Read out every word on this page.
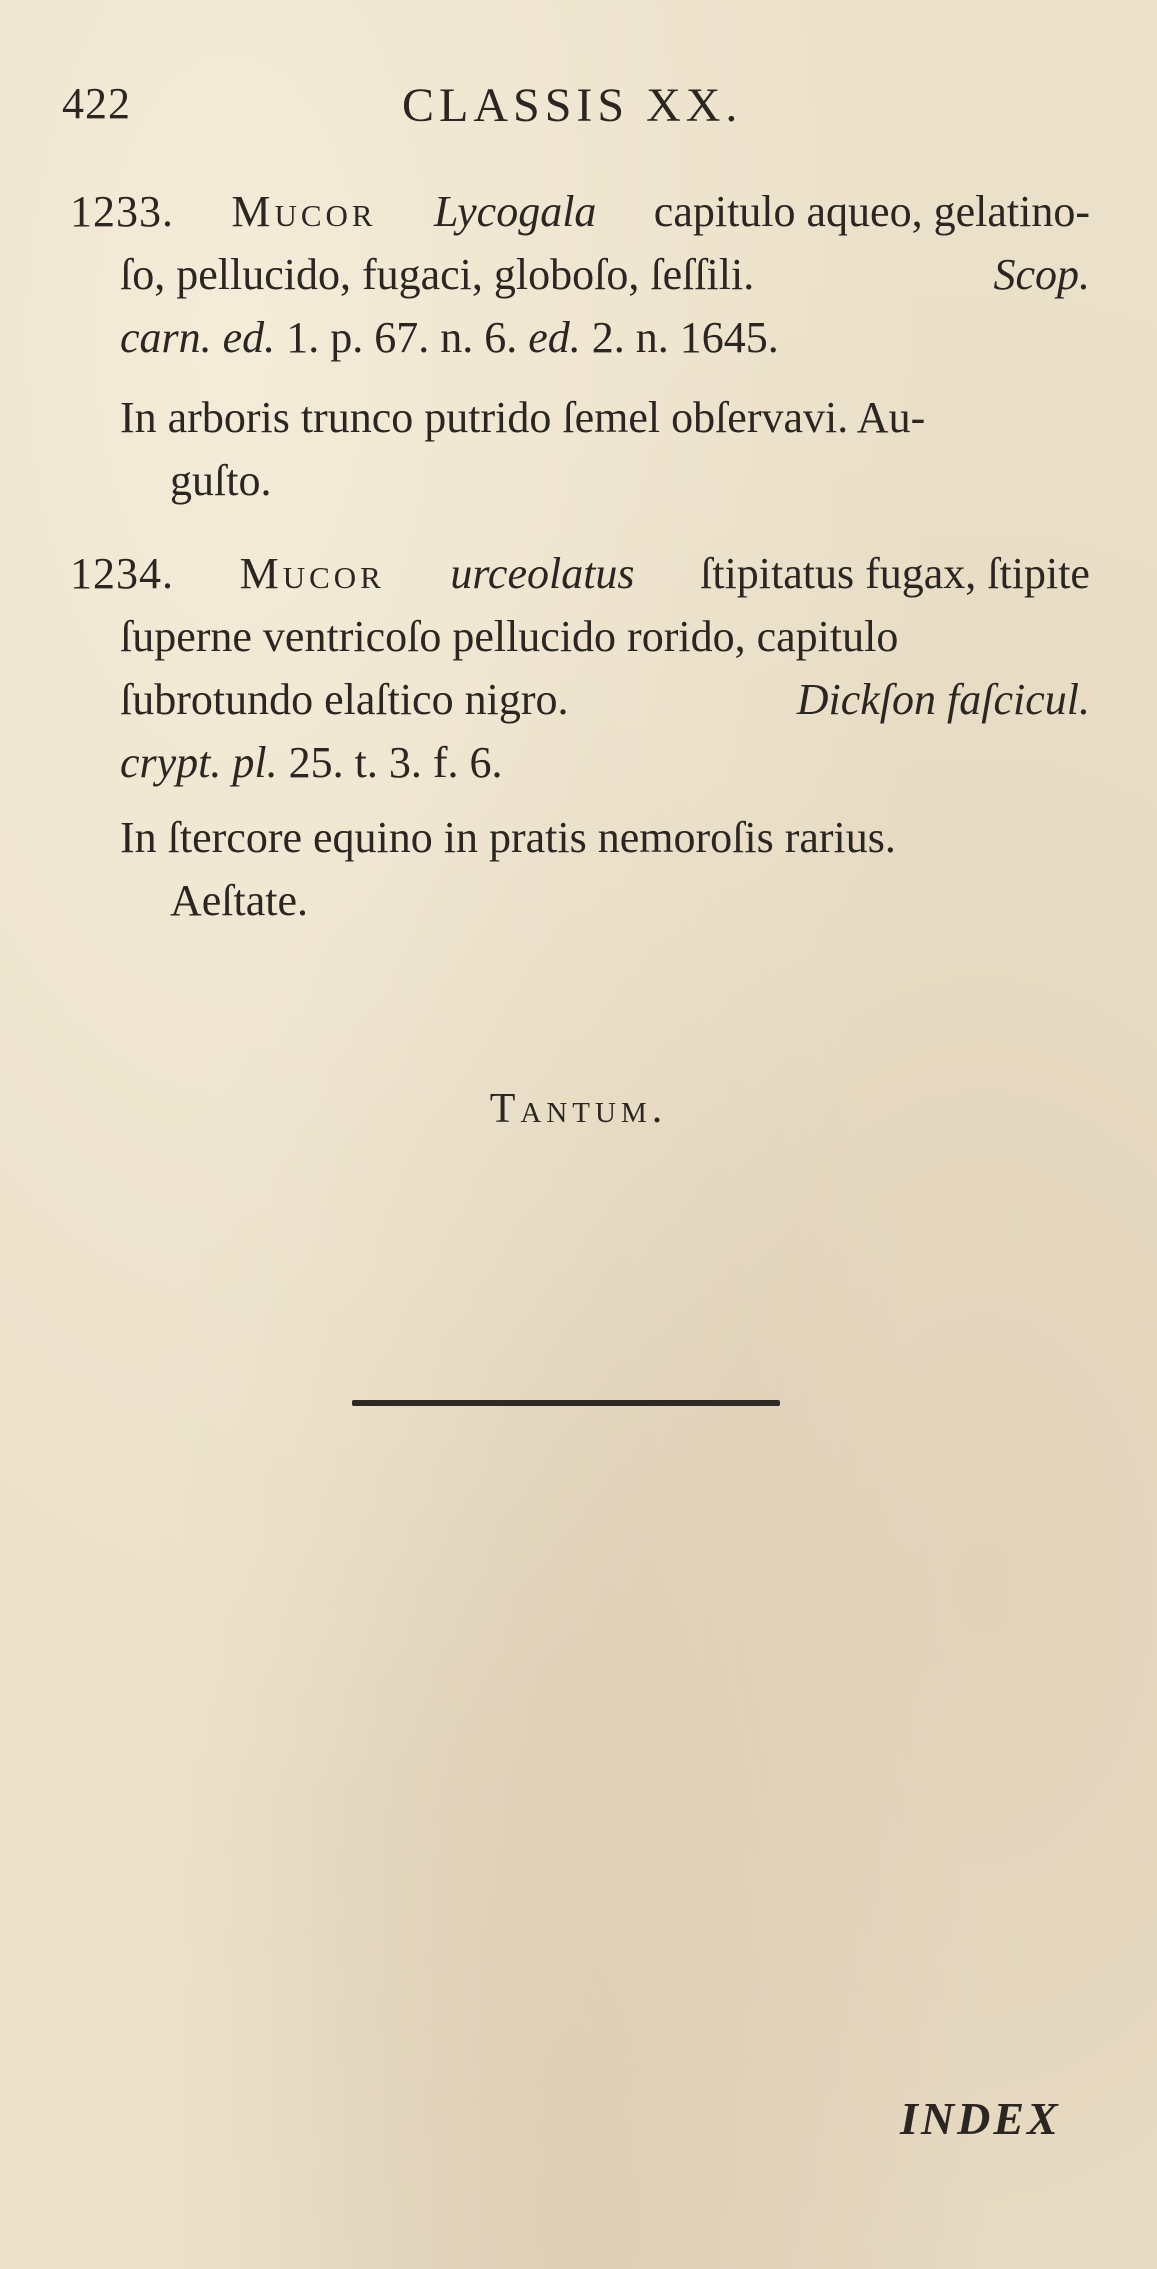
422	CLASSIS XX.
1233. Mucor Lycogala capitulo aqueo, gelatino-
ſo, pellucido, fugaci, globoſo, ſeſſili.	Scop.
carn. ed. 1. p. 67. n. 6. ed. 2. n. 1645.
In arboris trunco putrido ſemel obſervavi. Au-
guſto.
1234. Mucor urceolatus ſtipitatus fugax, ſtipite
ſuperne ventricoſo pellucido rorido, capitulo
ſubrotundo elaſtico nigro.	Dickſon faſcicul.
crypt. pl. 25. t. 3. f. 6.
In ſtercore equino in pratis nemoroſis rarius.
Aeſtate.
Tantum.
INDEX
